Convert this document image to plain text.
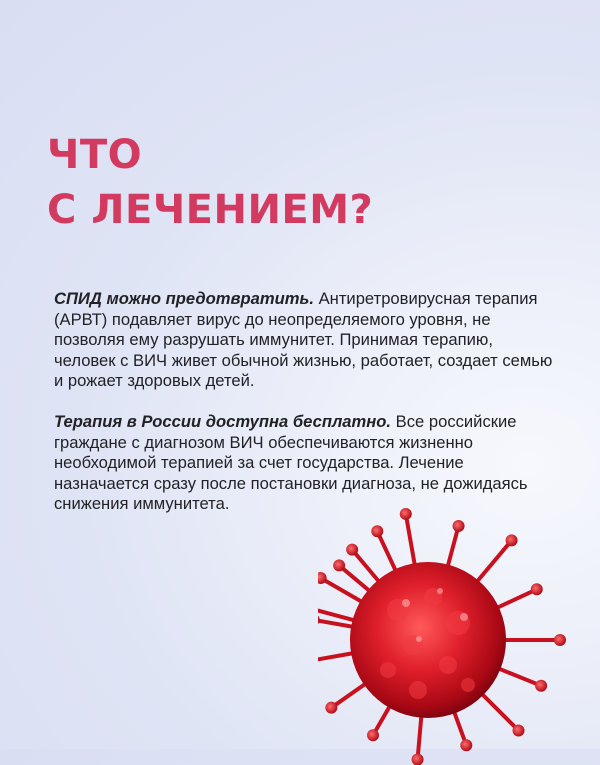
ЧТО
С ЛЕЧЕНИЕМ?

СПИД можно предотвратить. Антиретровирусная терапия (АРВТ) подавляет вирус до неопределяемого уровня, не позволяя ему разрушать иммунитет. Принимая терапию, человек с ВИЧ живет обычной жизнью, работает, создает семью и рожает здоровых детей.

Терапия в России доступна бесплатно. Все российские граждане с диагнозом ВИЧ обеспечиваются жизненно необходимой терапией за счет государства. Лечение назначается сразу после постановки диагноза, не дожидаясь снижения иммунитета.
